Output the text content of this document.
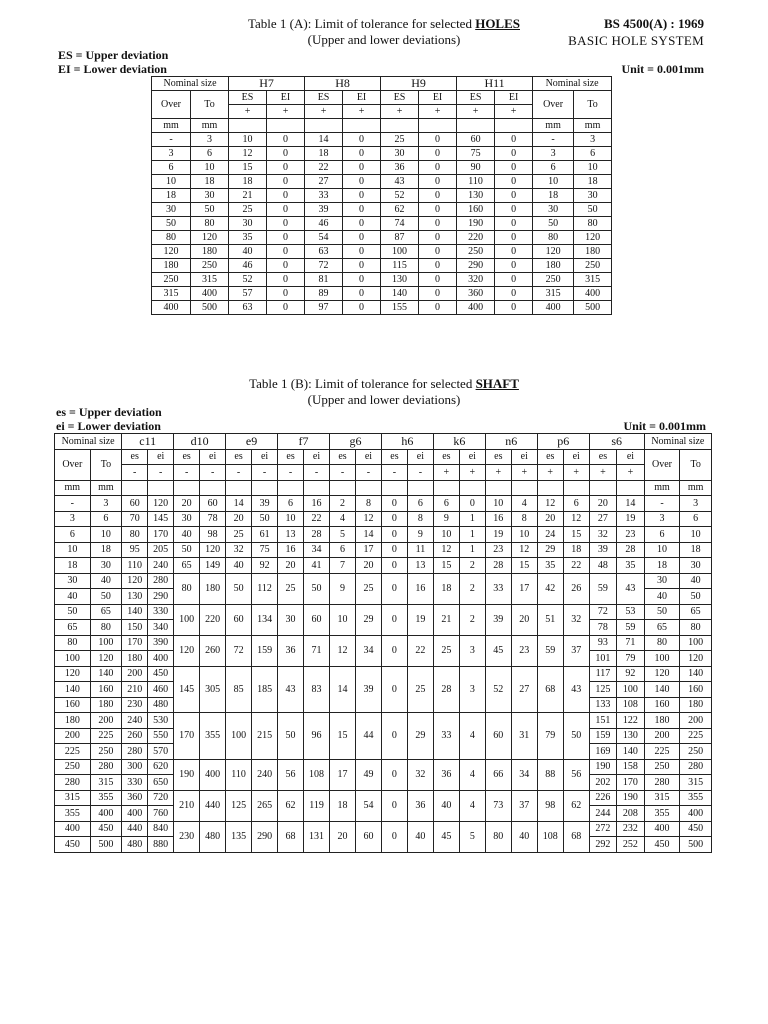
Table 1 (A): Limit of tolerance for selected HOLES
(Upper and lower deviations)
BS 4500(A) : 1969
BASIC HOLE SYSTEM
ES = Upper deviation
EI = Lower deviation	Unit = 0.001mm
Nominal size		H7		H8		H9		H11		Nominal size	
Over	To									Over	To
		ES	EI	ES	EI	ES	EI	ES	EI		
		+	+	+	+	+	+	+	+		
mm	mm									mm	mm
-	3	10	0	14	0	25	0	60	0	-	3
3	6	12	0	18	0	30	0	75	0	3	6
6	10	15	0	22	0	36	0	90	0	6	10
10	18	18	0	27	0	43	0	110	0	10	18
18	30	21	0	33	0	52	0	130	0	18	30
30	50	25	0	39	0	62	0	160	0	30	50
50	80	30	0	46	0	74	0	190	0	50	80
80	120	35	0	54	0	87	0	220	0	80	120
120	180	40	0	63	0	100	0	250	0	120	180
180	250	46	0	72	0	115	0	290	0	180	250
250	315	52	0	81	0	130	0	320	0	250	315
315	400	57	0	89	0	140	0	360	0	315	400
400	500	63	0	97	0	155	0	400	0	400	500
Table 1 (B): Limit of tolerance for selected SHAFT
(Upper and lower deviations)
es = Upper deviation
ei = Lower deviation	Unit = 0.001mm
Nominal size		c11		d10		e9		f7		g6		h6		k6		n6		p6		s6		Nominal size	
Over	To	es	ei	es	ei	es	ei	es	ei	es	ei	es	ei	es	ei	es	ei	es	ei	es	ei	Over	To
		-	-	-	-	-	-	-	-	-	-	-	-	+	+	+	+	+	+	+	+		
mm	mm																					mm	mm
-	3	60	120	20	60	14	39	6	16	2	8	0	6	6	0	10	4	12	6	20	14	-	3
3	6	70	145	30	78	20	50	10	22	4	12	0	8	9	1	16	8	20	12	27	19	3	6
6	10	80	170	40	98	25	61	13	28	5	14	0	9	10	1	19	10	24	15	32	23	6	10
10	18	95	205	50	120	32	75	16	34	6	17	0	11	12	1	23	12	29	18	39	28	10	18
18	30	110	240	65	149	40	92	20	41	7	20	0	13	15	2	28	15	35	22	48	35	18	30
30	40	120	280	80	180	50	112	25	50	9	25	0	16	18	2	33	17	42	26	59	43	30	40
40	50	130	290																			40	50
50	65	140	330	100	220	60	134	30	60	10	29	0	19	21	2	39	20	51	32	72	53	50	65
65	80	150	340																	78	59	65	80
80	100	170	390	120	260	72	159	36	71	12	34	0	22	25	3	45	23	59	37	93	71	80	100
100	120	180	400																	101	79	100	120
120	140	200	450	145	305	85	185	43	83	14	39	0	25	28	3	52	27	68	43	117	92	120	140
140	160	210	460																	125	100	140	160
160	180	230	480																	133	108	160	180
180	200	240	530	170	355	100	215	50	96	15	44	0	29	33	4	60	31	79	50	151	122	180	200
200	225	260	550																	159	130	200	225
225	250	280	570																	169	140	225	250
250	280	300	620	190	400	110	240	56	108	17	49	0	32	36	4	66	34	88	56	190	158	250	280
280	315	330	650																	202	170	280	315
315	355	360	720	210	440	125	265	62	119	18	54	0	36	40	4	73	37	98	62	226	190	315	355
355	400	400	760																	244	208	355	400
400	450	440	840	230	480	135	290	68	131	20	60	0	40	45	5	80	40	108	68	272	232	400	450
450	500	480	880																	292	252	450	500
